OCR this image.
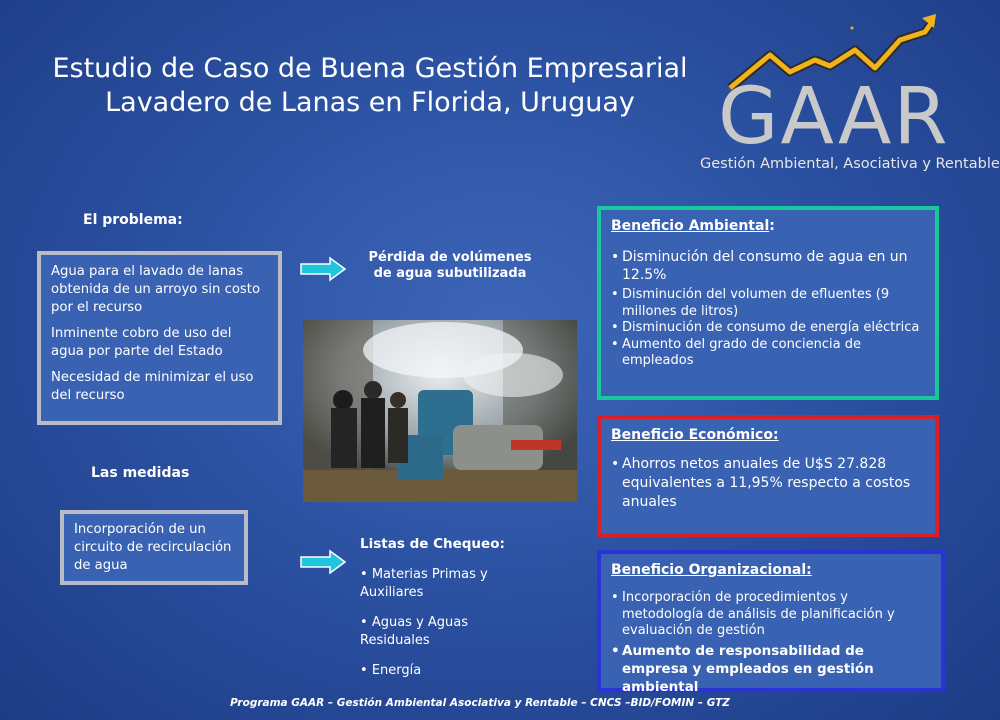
Estudio de Caso de Buena Gestión Empresarial
Lavadero de Lanas en Florida, Uruguay	GAAR
Gestión Ambiental, Asociativa y Rentable
El problema:

Agua para el lavado de lanas obtenida de un arroyo sin costo por el recurso

Inminente cobro de uso del agua por parte del Estado

Necesidad de minimizar el uso del recurso

Pérdida de volúmenes
de agua subutilizada
Las medidas
Incorporación de un circuito de recirculación de agua
Listas de Chequeo:
• Materias Primas y Auxiliares
• Aguas y Aguas Residuales
• Energía
Beneficio Ambiental:
• Disminución del consumo de agua en un 12.5%
• Disminución del volumen de efluentes (9 millones de litros)
• Disminución de consumo de energía eléctrica
• Aumento del grado de conciencia de empleados
Beneficio Económico:
• Ahorros netos anuales de U$S 27.828 equivalentes a 11,95% respecto a costos anuales
Beneficio Organizacional:
• Incorporación de procedimientos y metodología de análisis de planificación y evaluación de gestión
• Aumento de responsabilidad de empresa y empleados en gestión ambiental
Programa GAAR – Gestión Ambiental Asociativa y Rentable – CNCS –BID/FOMIN – GTZ
